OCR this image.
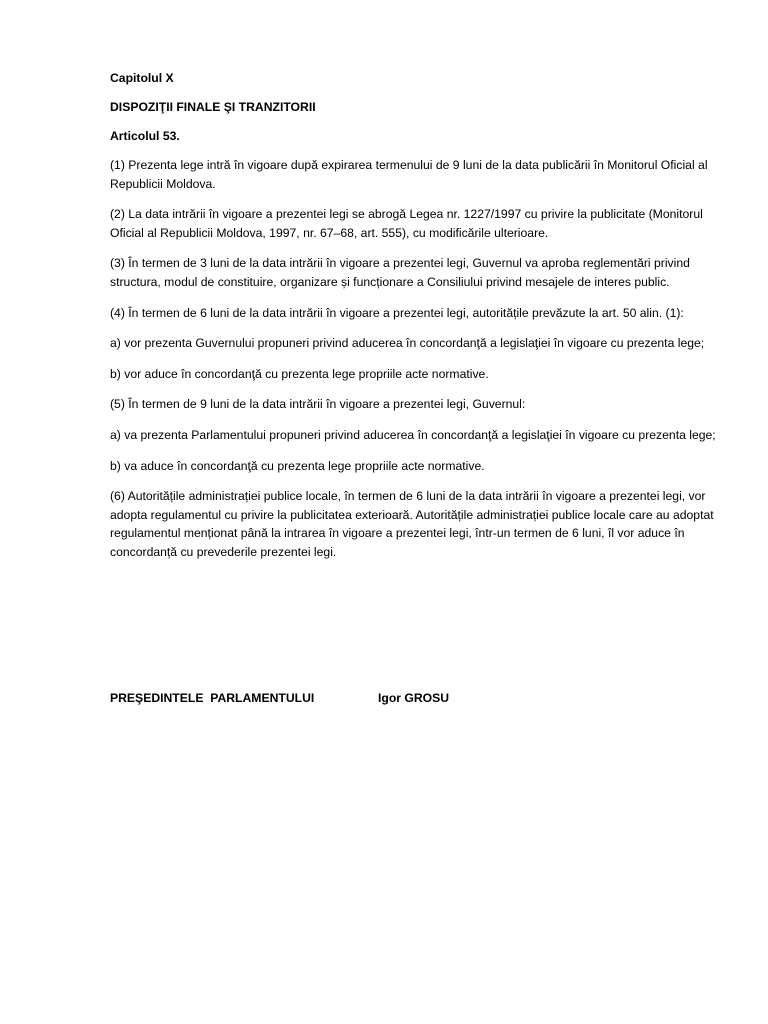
Capitolul X
DISPOZIŢII FINALE ŞI TRANZITORII
Articolul 53.

(1) Prezenta lege intră în vigoare după expirarea termenului de 9 luni de la data publicării în Monitorul Oficial al Republicii Moldova.

(2) La data intrării în vigoare a prezentei legi se abrogă Legea nr. 1227/1997 cu privire la publicitate (Monitorul Oficial al Republicii Moldova, 1997, nr. 67–68, art. 555), cu modificările ulterioare.

(3) În termen de 3 luni de la data intrării în vigoare a prezentei legi, Guvernul va aproba reglementări privind structura, modul de constituire, organizare și funcționare a Consiliului privind mesajele de interes public.

(4) În termen de 6 luni de la data intrării în vigoare a prezentei legi, autoritățile prevăzute la art. 50 alin. (1):

a) vor prezenta Guvernului propuneri privind aducerea în concordanţă a legislaţiei în vigoare cu prezenta lege;

b) vor aduce în concordanţă cu prezenta lege propriile acte normative.

(5) În termen de 9 luni de la data intrării în vigoare a prezentei legi, Guvernul:

a) va prezenta Parlamentului propuneri privind aducerea în concordanţă a legislaţiei în vigoare cu prezenta lege;

b) va aduce în concordanţă cu prezenta lege propriile acte normative.

(6) Autoritățile administrației publice locale, în termen de 6 luni de la data intrării în vigoare a prezentei legi, vor adopta regulamentul cu privire la publicitatea exterioară. Autoritățile administrației publice locale care au adoptat regulamentul menționat până la intrarea în vigoare a prezentei legi, într-un termen de 6 luni, îl vor aduce în concordanță cu prevederile prezentei legi.

PREŞEDINTELE  PARLAMENTULUI	Igor GROSU
